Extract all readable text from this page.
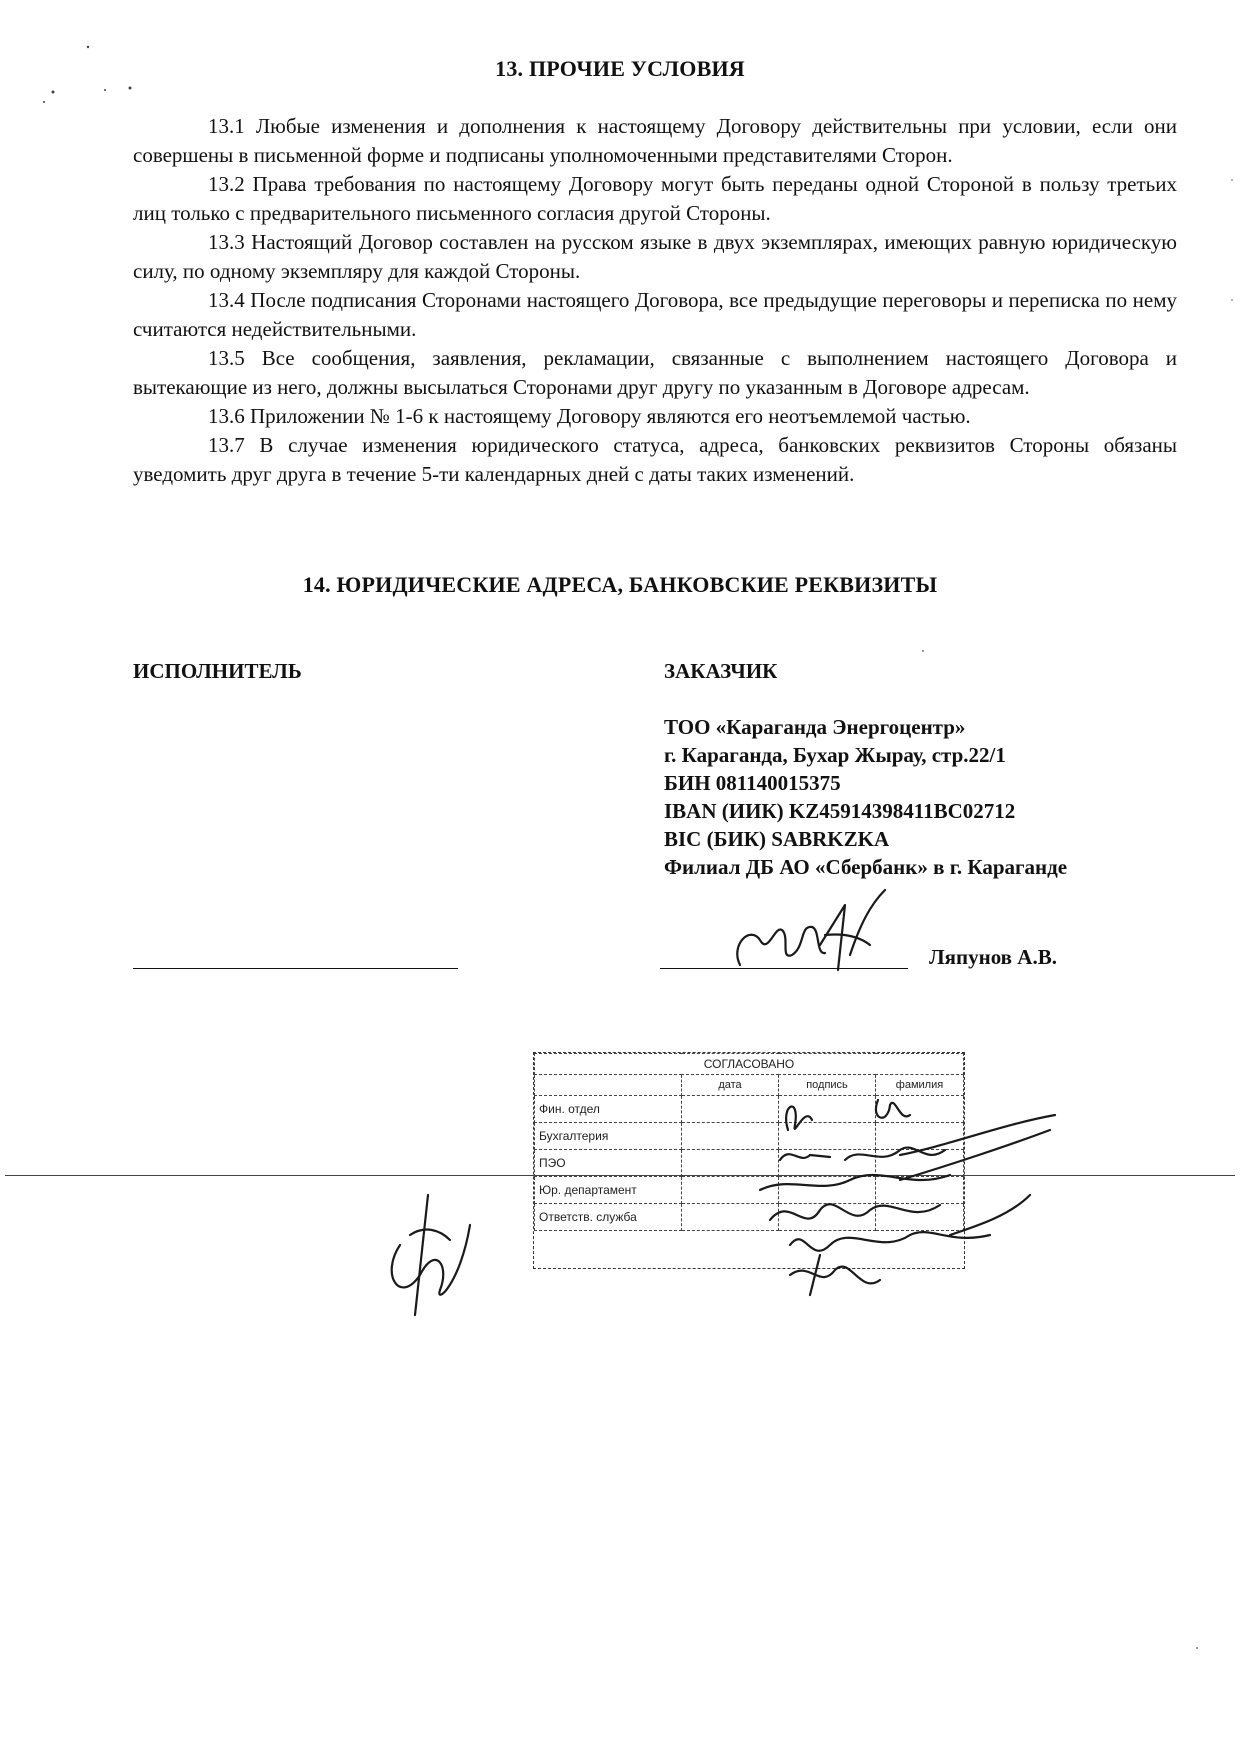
13. ПРОЧИЕ УСЛОВИЯ

13.1 Любые изменения и дополнения к настоящему Договору действительны при условии, если они совершены в письменной форме и подписаны уполномоченными представителями Сторон.

13.2 Права требования по настоящему Договору могут быть переданы одной Стороной в пользу третьих лиц только с предварительного письменного согласия другой Стороны.

13.3 Настоящий Договор составлен на русском языке в двух экземплярах, имеющих равную юридическую силу, по одному экземпляру для каждой Стороны.

13.4 После подписания Сторонами настоящего Договора, все предыдущие переговоры и переписка по нему считаются недействительными.

13.5 Все сообщения, заявления, рекламации, связанные с выполнением настоящего Договора и вытекающие из него, должны высылаться Сторонами друг другу по указанным в Договоре адресам.

13.6 Приложении № 1-6 к настоящему Договору являются его неотъемлемой частью.

13.7 В случае изменения юридического статуса, адреса, банковских реквизитов Стороны обязаны уведомить друг друга в течение 5-ти календарных дней с даты таких изменений.

14. ЮРИДИЧЕСКИЕ АДРЕСА, БАНКОВСКИЕ РЕКВИЗИТЫ
ИСПОЛНИТЕЛЬ	ЗАКАЗЧИК
ТОО «Караганда Энергоцентр»
г. Караганда, Бухар Жырау, стр.22/1
БИН 081140015375
IBAN (ИИК) KZ45914398411BC02712
BIC (БИК) SABRKZKA
Филиал ДБ АО «Сбербанк» в г. Караганде
Ляпунов А.В.
СОГЛАСОВАНО			
	дата	подпись	фамилия
Фин. отдел			
Бухгалтерия			
ПЭО			
Юр. департамент			
Ответств. служба			
